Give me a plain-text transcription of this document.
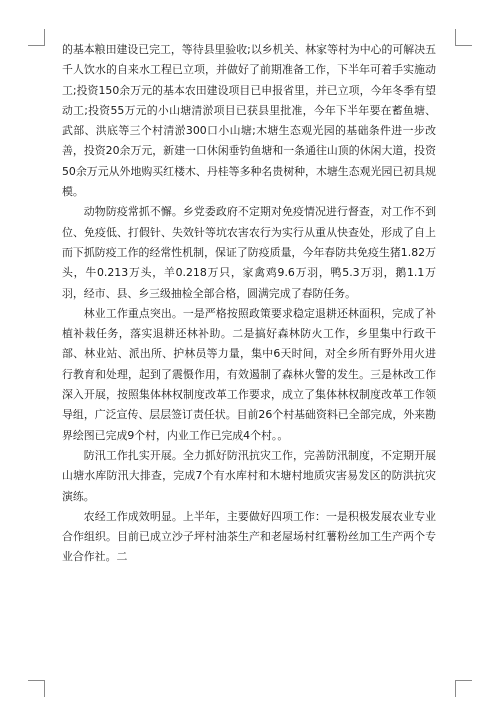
的基本粮田建设已完工，等待县里验收;以乡机关、林家等村为中心的可解决五千人饮水的自来水工程已立项，并做好了前期准备工作，下半年可着手实施动工;投资150余万元的基本农田建设项目已申报省里，并已立项，今年冬季有望动工;投资55万元的小山塘清淤项目已获县里批准，今年下半年要在蓄鱼塘、武部、洪底等三个村清淤300口小山塘;木塘生态观光园的基础条件进一步改善，投资20余万元，新建一口休闲垂钓鱼塘和一条通往山顶的休闲大道，投资50余万元从外地购买红楼木、丹桂等多种名贵树种，木塘生态观光园已初具规模。

动物防疫常抓不懈。乡党委政府不定期对免疫情况进行督查，对工作不到位、免疫低、打假针、失效针等坑农害农行为实行从重从快查处，形成了自上而下抓防疫工作的经常性机制，保证了防疫质量，今年春防共免疫生猪1.82万头，牛0.213万头，羊0.218万只，家禽鸡9.6万羽，鸭5.3万羽，鹅1.1万羽，经市、县、乡三级抽检全部合格，圆满完成了春防任务。

林业工作重点突出。一是严格按照政策要求稳定退耕还林面积，完成了补植补栽任务，落实退耕还林补助。二是搞好森林防火工作，乡里集中行政干部、林业站、派出所、护林员等力量，集中6天时间，对全乡所有野外用火进行教育和处理，起到了震慑作用，有效遏制了森林火警的发生。三是林改工作深入开展，按照集体林权制度改革工作要求，成立了集体林权制度改革工作领导组，广泛宣传、层层签订责任状。目前26个村基础资料已全部完成，外来勘界绘图已完成9个村，内业工作已完成4个村。。

防汛工作扎实开展。全力抓好防汛抗灾工作，完善防汛制度，不定期开展山塘水库防汛大排查，完成7个有水库村和木塘村地质灾害易发区的防洪抗灾演练。

农经工作成效明显。上半年，主要做好四项工作：一是积极发展农业专业合作组织。目前已成立沙子坪村油茶生产和老屋场村红薯粉丝加工生产两个专业合作社。二
